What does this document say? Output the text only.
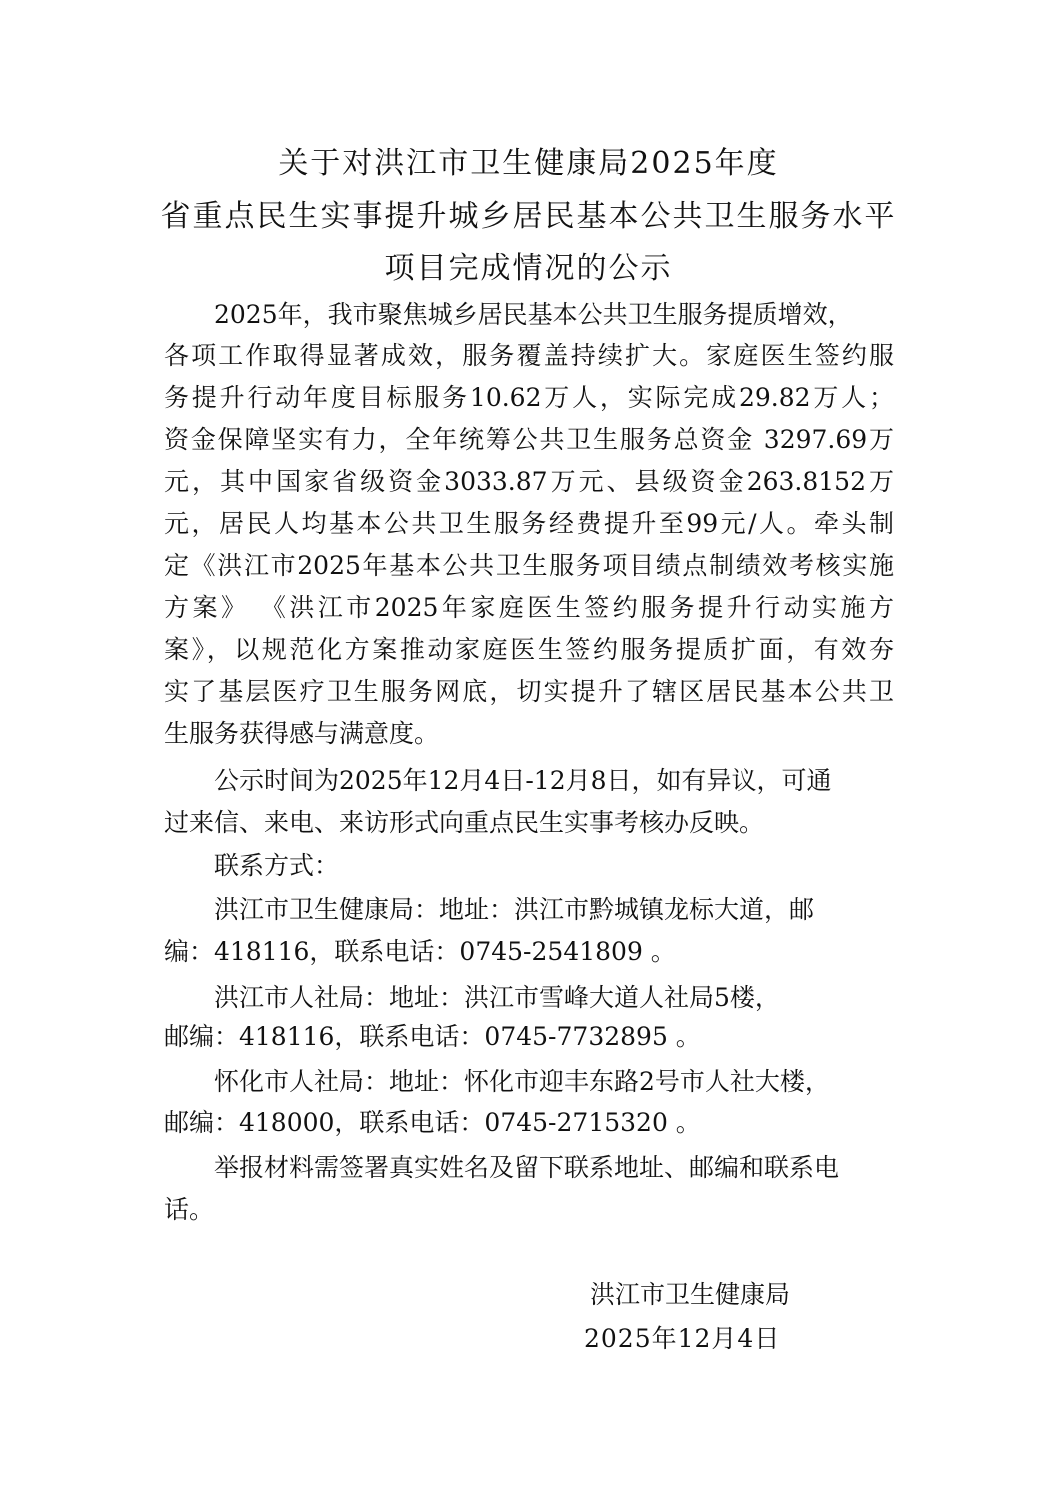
关于对洪江市卫生健康局2025年度
省重点民生实事提升城乡居民基本公共卫生服务水平
项目完成情况的公示
2025年，我市聚焦城乡居民基本公共卫生服务提质增效，
各项工作取得显著成效，服务覆盖持续扩大。家庭医生签约服
务提升行动年度目标服务10.62万人，实际完成29.82万人；
资金保障坚实有力，全年统筹公共卫生服务总资金 3297.69万
元，其中国家省级资金3033.87万元、县级资金263.8152万
元，居民人均基本公共卫生服务经费提升至99元/人。牵头制
定《洪江市2025年基本公共卫生服务项目绩点制绩效考核实施
方案》 《洪江市2025年家庭医生签约服务提升行动实施方
案》，以规范化方案推动家庭医生签约服务提质扩面，有效夯
实了基层医疗卫生服务网底，切实提升了辖区居民基本公共卫
生服务获得感与满意度。
公示时间为2025年12月4日-12月8日，如有异议，可通
过来信、来电、来访形式向重点民生实事考核办反映。
联系方式：
洪江市卫生健康局：地址：洪江市黔城镇龙标大道，邮
编：418116，联系电话：0745-2541809 。
洪江市人社局：地址：洪江市雪峰大道人社局5楼，
邮编：418116，联系电话：0745-7732895 。
怀化市人社局：地址：怀化市迎丰东路2号市人社大楼，
邮编：418000，联系电话：0745-2715320 。
举报材料需签署真实姓名及留下联系地址、邮编和联系电
话。
洪江市卫生健康局
2025年12月4日
